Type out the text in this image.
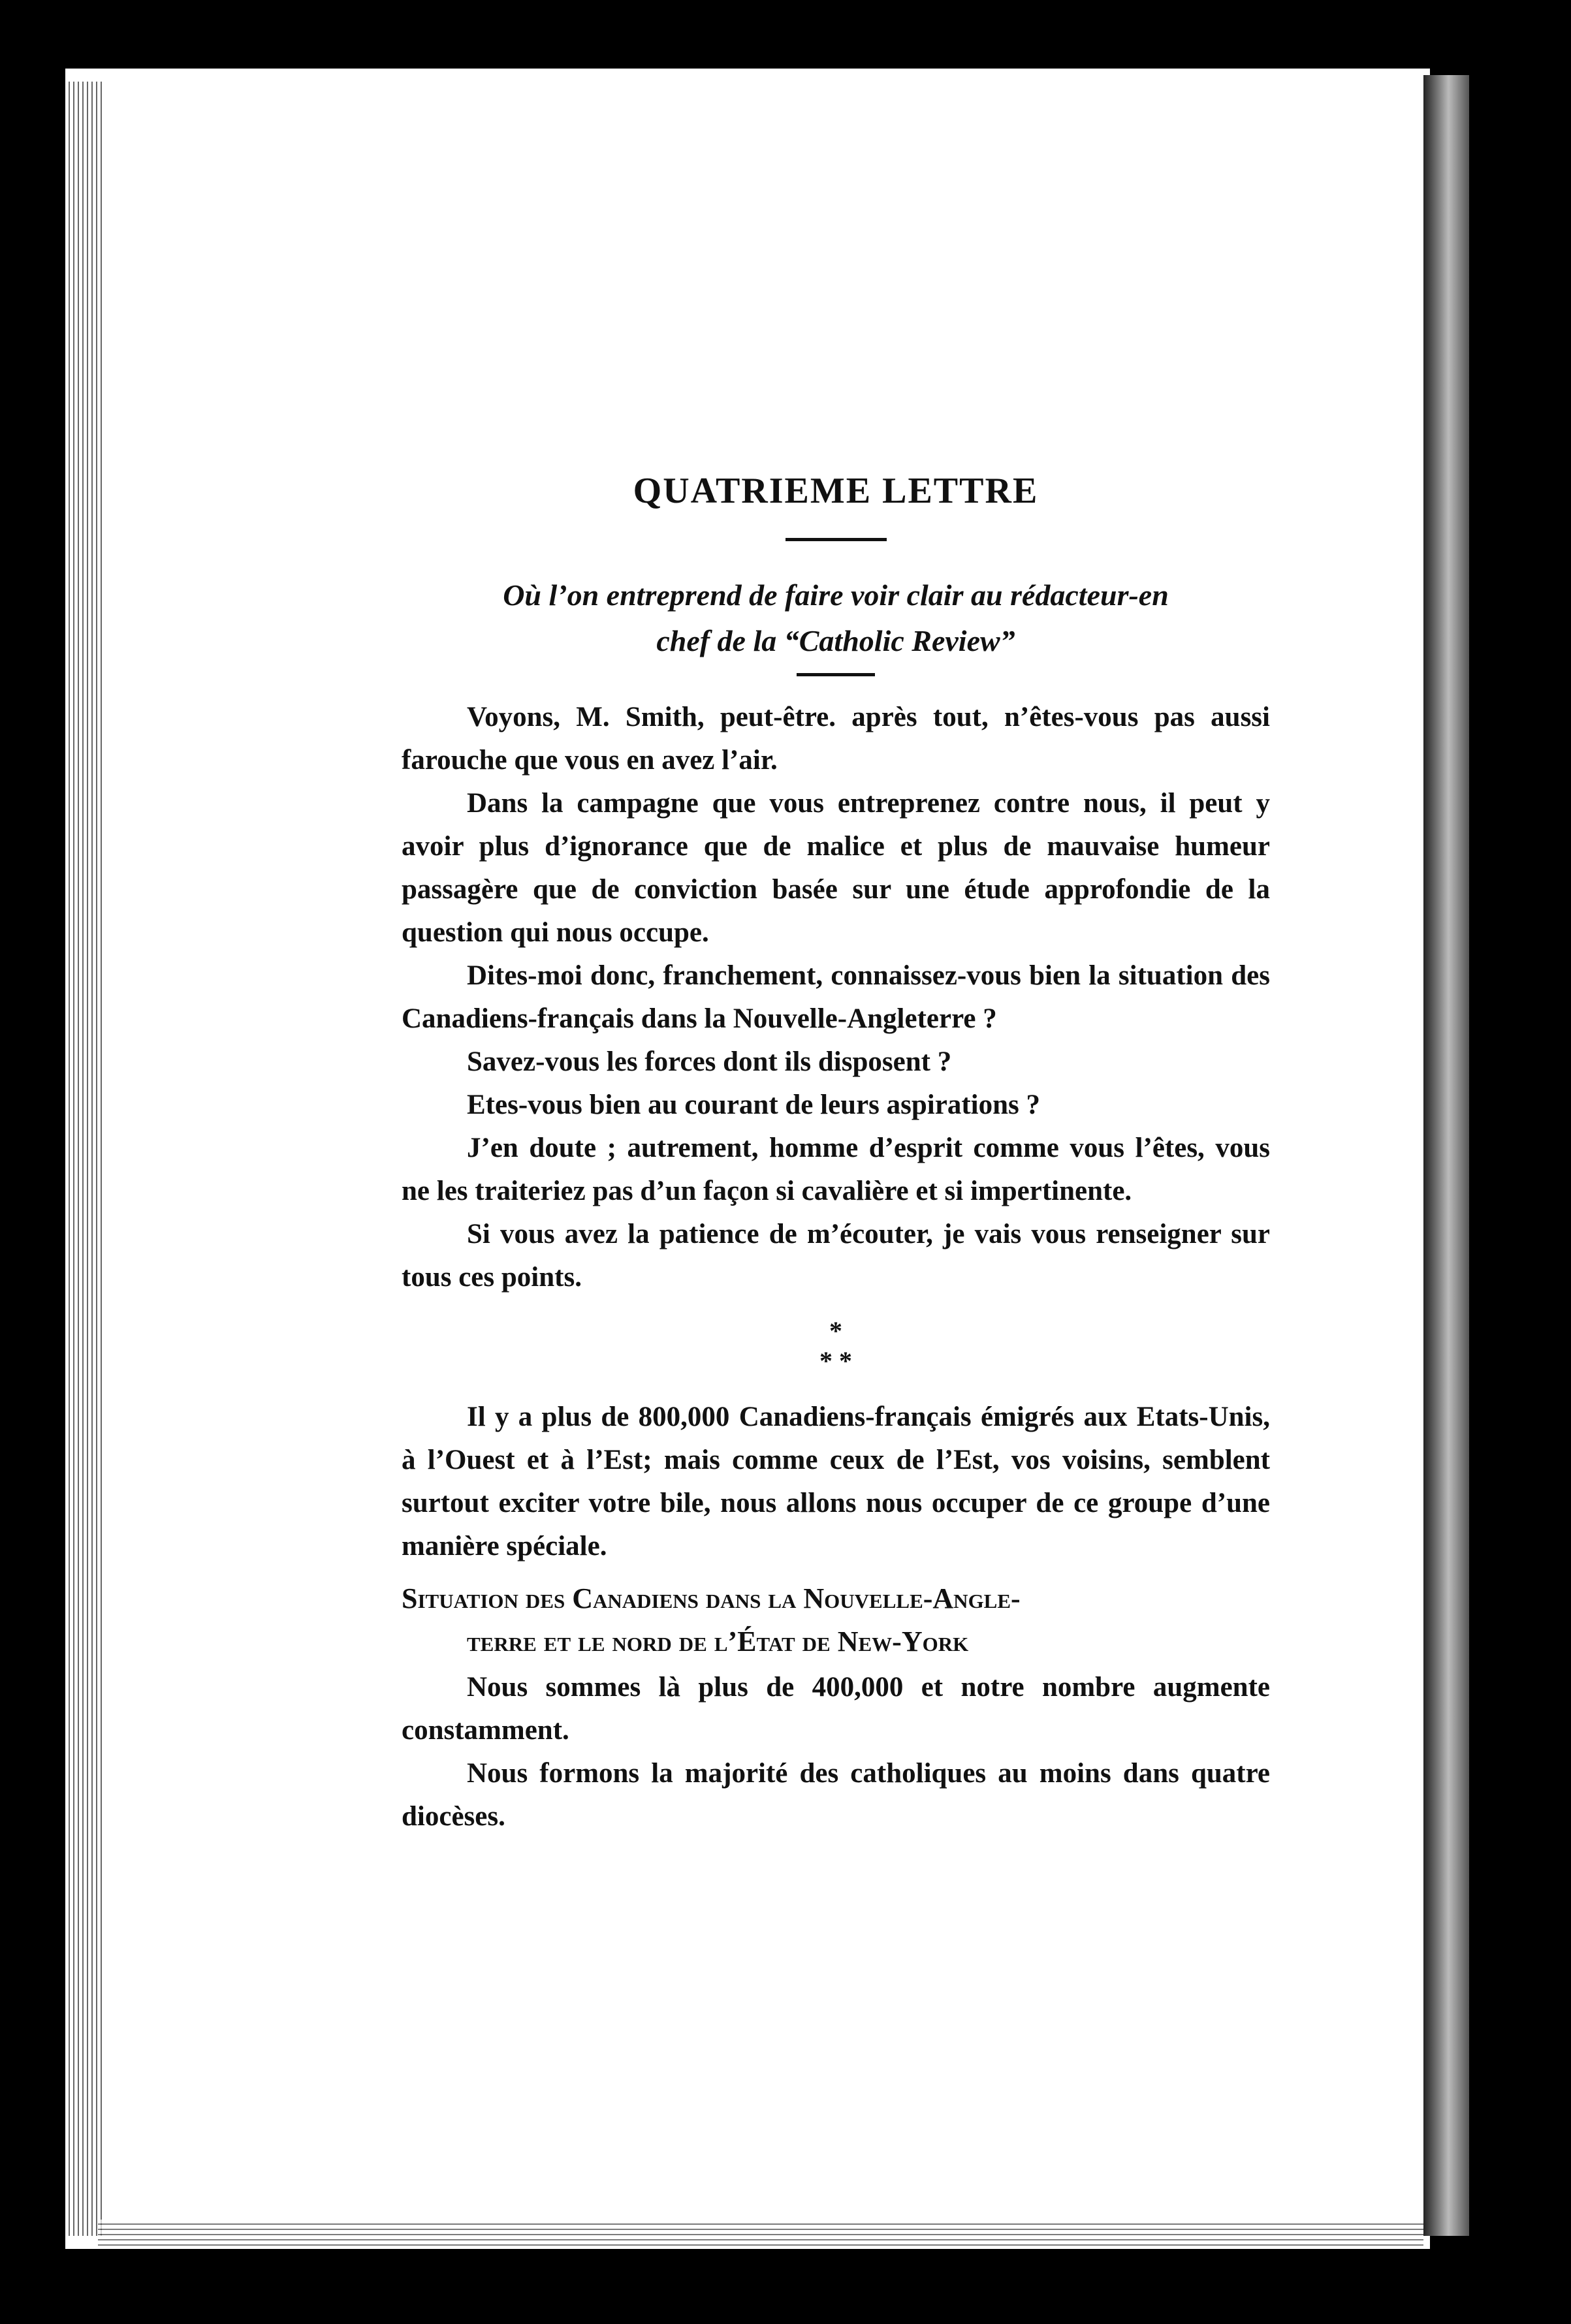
QUATRIEME LETTRE
Où l’on entreprend de faire voir clair au rédacteur-en
chef de la “Catholic Review”

Voyons, M. Smith, peut-être. après tout, n’êtes-vous pas aussi farouche que vous en avez l’air.

Dans la campagne que vous entreprenez contre nous, il peut y avoir plus d’ignorance que de malice et plus de mauvaise humeur passagère que de conviction basée sur une étude approfondie de la question qui nous occupe.

Dites-moi donc, franchement, connaissez-vous bien la situation des Canadiens-français dans la Nouvelle-Angleterre ?

Savez-vous les forces dont ils disposent ?

Etes-vous bien au courant de leurs aspirations ?

J’en doute ; autrement, homme d’esprit comme vous l’êtes, vous ne les traiteriez pas d’un façon si cavalière et si impertinente.

Si vous avez la patience de m’écouter, je vais vous renseigner sur tous ces points.

*
* *

Il y a plus de 800,000 Canadiens-français émigrés aux Etats-Unis, à l’Ouest et à l’Est; mais comme ceux de l’Est, vos voisins, semblent surtout exciter votre bile, nous allons nous occuper de ce groupe d’une manière spéciale.

Situation des Canadiens dans la Nouvelle-Angle-
terre et le nord de l’État de New-York

Nous sommes là plus de 400,000 et notre nombre augmente constamment.

Nous formons la majorité des catholiques au moins dans quatre diocèses.
